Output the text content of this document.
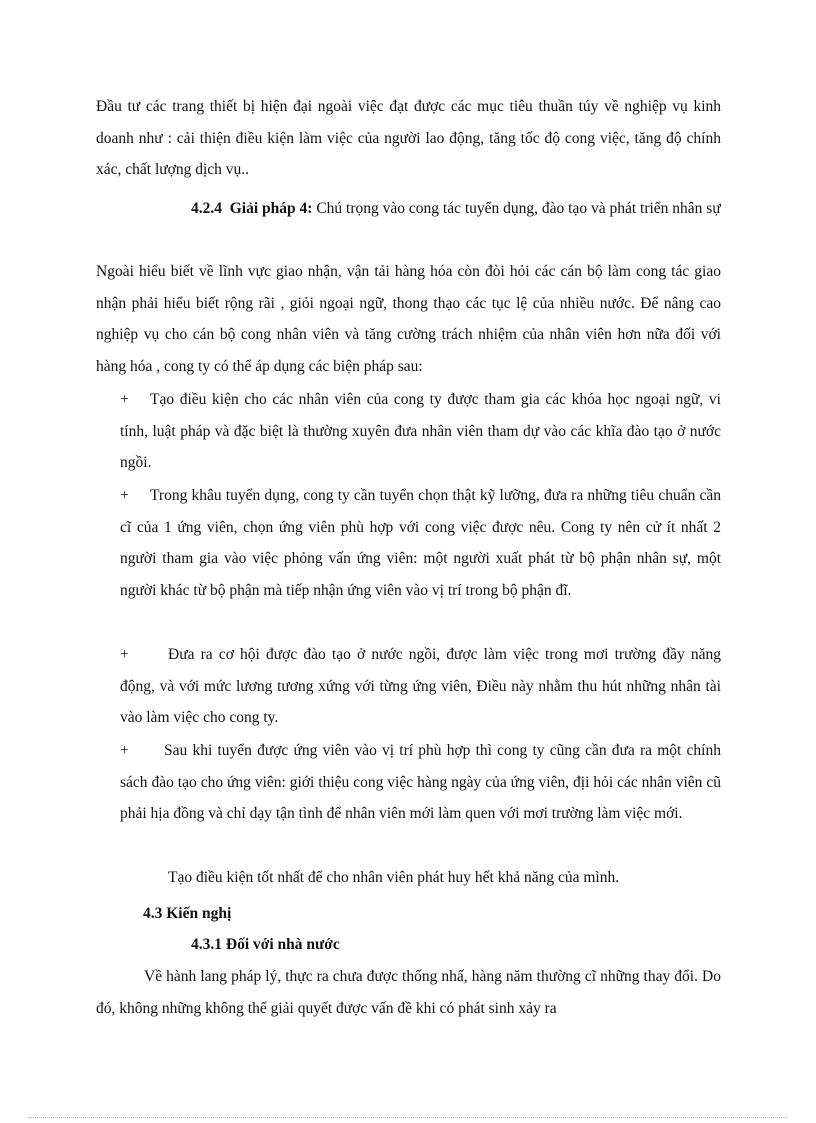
Đầu tư các trang thiết bị hiện đại ngoài việc đạt được các mục tiêu thuần túy về nghiệp vụ kinh doanh như : cải thiện điều kiện làm việc của người lao động, tăng tốc độ cong việc, tăng độ chính xác, chất lượng dịch vụ..

4.2.4 Giải pháp 4: Chú trọng vào cong tác tuyển dụng, đào tạo và phát triển nhân sự

Ngoài hiểu biết về lĩnh vực giao nhận, vận tải hàng hóa còn đòi hỏi các cán bộ làm cong tác giao nhận phải hiểu biết rộng rãi , giỏi ngoại ngữ, thong thạo các tục lệ của nhiều nước. Để nâng cao nghiệp vụ cho cán bộ cong nhân viên và tăng cường trách nhiệm của nhân viên hơn nữa đối với hàng hóa , cong ty có thể áp dụng các biện pháp sau:

+	Tạo điều kiện cho các nhân viên của cong ty được tham gia các khóa học ngoại ngữ, vi tính, luật pháp và đặc biệt là thường xuyên đưa nhân viên tham dự vào các khĩa đào tạo ở nước ngồi.

+	Trong khâu tuyển dụng, cong ty cần tuyển chọn thật kỹ lưỡng, đưa ra những tiêu chuẩn cần cĩ của 1 ứng viên, chọn ứng viên phù hợp với cong việc được nêu. Cong ty nên cử ít nhất 2 người tham gia vào việc phỏng vấn ứng viên: một người xuất phát từ bộ phận nhân sự, một người khác từ bộ phận mà tiếp nhận ứng viên vào vị trí trong bộ phận đĩ.

+	Đưa ra cơ hội được đào tạo ở nước ngồi, được làm việc trong mơi trường đầy năng động, và với mức lương tương xứng với từng ứng viên, Điều này nhằm thu hút những nhân tài vào làm việc cho cong ty.

+	Sau khi tuyển được ứng viên vào vị trí phù hợp thì cong ty cũng cần đưa ra một chính sách đào tạo cho ứng viên: giới thiệu cong việc hàng ngày của ứng viên, địi hỏi các nhân viên cũ phải hịa đồng và chỉ dạy tận tình để nhân viên mới làm quen với mơi trường làm việc mới.

Tạo điều kiện tốt nhất để cho nhân viên phát huy hết khả năng của mình.

4.3 Kiến nghị

4.3.1 Đối với nhà nước

Về hành lang pháp lý, thực ra chưa được thống nhấ, hàng năm thường cĩ những thay đổi. Do đó, không những không thể giải quyết được vấn đề khi có phát sinh xảy ra
